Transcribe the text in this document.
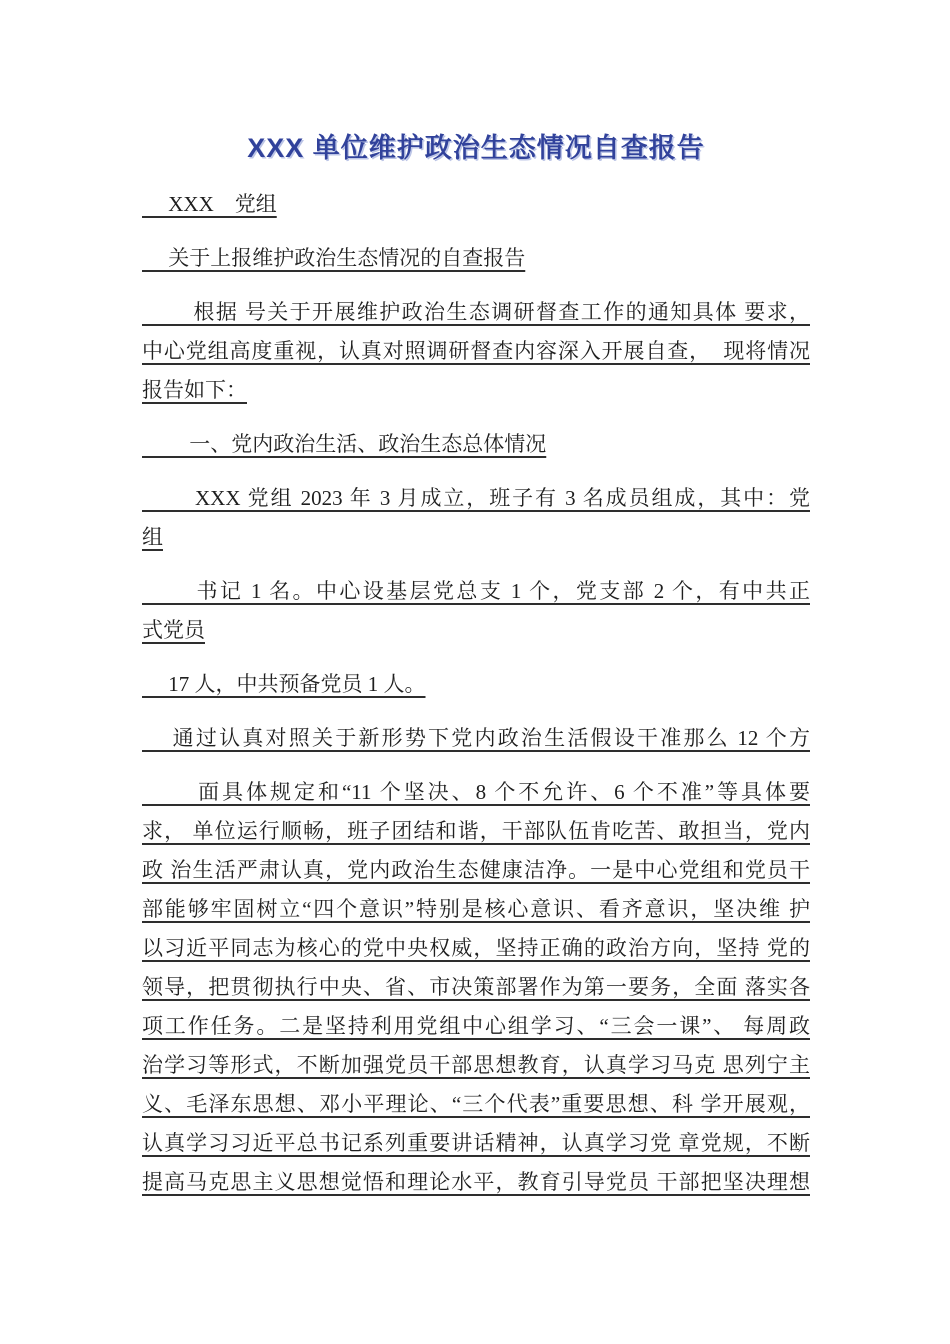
XXX 单位维护政治生态情况自查报告

　 XXX　党组

　 关于上报维护政治生态情况的自查报告

　　 根据 号关于开展维护政治生态调研督查工作的通知具体 要求，

中心党组高度重视，认真对照调研督查内容深入开展自查，  现将情况

报告如下：

　　 一、党内政治生活、政治生态总体情况

　　 XXX 党组 2023 年 3 月成立，班子有 3 名成员组成，其中：党

组

　　 书记 1 名。中心设基层党总支 1 个，党支部 2 个，有中共正

式党员

　 17 人，中共预备党员 1 人。

　 通过认真对照关于新形势下党内政治生活假设干准那么 12 个方

　　 面具体规定和“11 个坚决、8 个不允许、6 个不准”等具体要

求， 单位运行顺畅，班子团结和谐，干部队伍肯吃苦、敢担当，党内

政 治生活严肃认真，党内政治生态健康洁净。一是中心党组和党员干

部能够牢固树立“四个意识”特别是核心意识、看齐意识，坚决维 护

以习近平同志为核心的党中央权威，坚持正确的政治方向，坚持 党的

领导，把贯彻执行中央、省、市决策部署作为第一要务，全面 落实各

项工作任务。二是坚持利用党组中心组学习、“三会一课”、 每周政

治学习等形式，不断加强党员干部思想教育，认真学习马克 思列宁主

义、毛泽东思想、邓小平理论、“三个代表”重要思想、科 学开展观，

认真学习习近平总书记系列重要讲话精神，认真学习党 章党规，不断

提高马克思主义思想觉悟和理论水平，教育引导党员 干部把坚决理想
